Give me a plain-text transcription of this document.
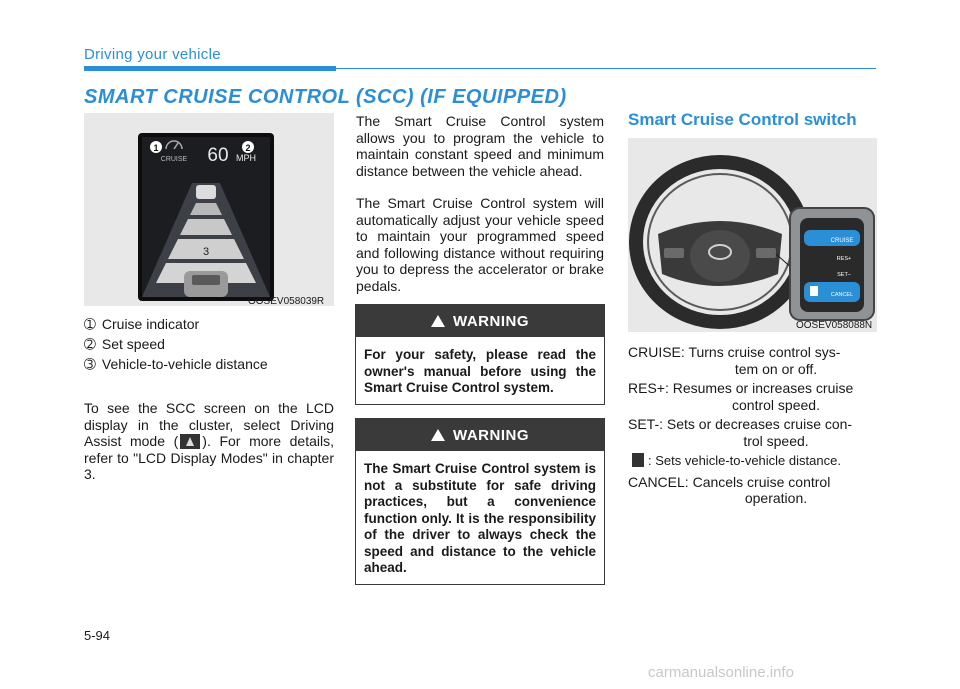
Driving your vehicle
SMART CRUISE CONTROL (SCC) (IF EQUIPPED)
1
CRUISE 60 MPH
2
3
OOSEV058039R
➀ Cruise indicator
➁ Set speed
➂ Vehicle-to-vehicle distance
To see the SCC screen on the LCD display in the cluster, select Driving Assist mode ( ). For more details, refer to "LCD Display Modes" in chapter 3.
The Smart Cruise Control system allows you to program the vehicle to maintain constant speed and minimum distance between the vehicle ahead.
The Smart Cruise Control system will automatically adjust your vehicle speed to maintain your programmed speed and following distance without requiring you to depress the accelerator or brake pedals.
WARNING
For your safety, please read the owner's manual before using the Smart Cruise Control system.
WARNING
The Smart Cruise Control system is not a substitute for safe driving practices, but a convenience function only. It is the responsibility of the driver to always check the speed and distance to the vehicle ahead.
Smart Cruise Control switch
CRUISE
RES+
SET–
CANCEL
OOSEV058088N
CRUISE: Turns cruise control sys-
tem on or off.
RES+: Resumes or increases cruise
control speed.
SET-: Sets or decreases cruise con-
trol speed.
: Sets vehicle-to-vehicle distance.
CANCEL: Cancels cruise control
operation.
5-94
carmanualsonline.info
